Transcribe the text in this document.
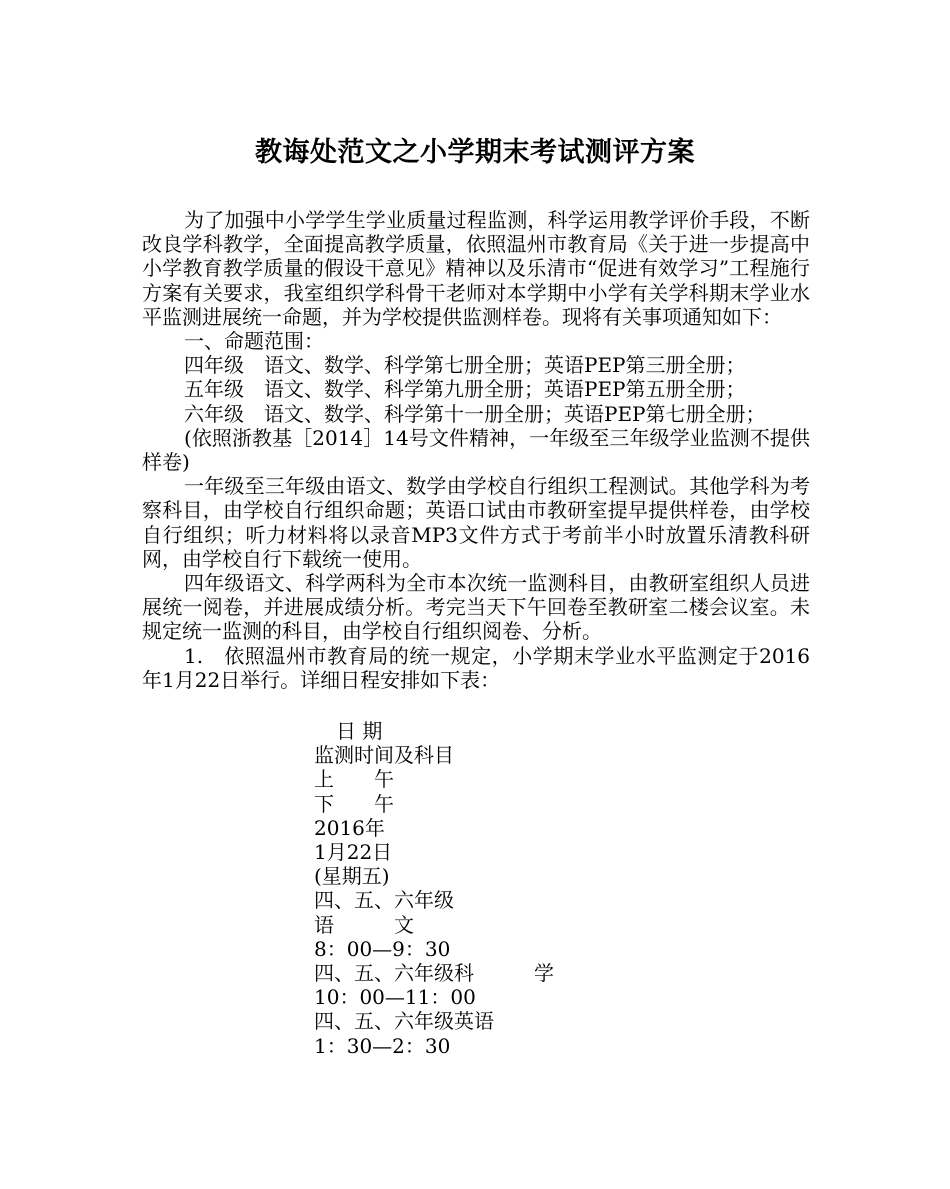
教诲处范文之小学期末考试测评方案

为了加强中小学学生学业质量过程监测，科学运用教学评价手段，不断改良学科教学，全面提高教学质量，依照温州市教育局《关于进一步提高中小学教育教学质量的假设干意见》精神以及乐清市“促进有效学习”工程施行方案有关要求，我室组织学科骨干老师对本学期中小学有关学科期末学业水平监测进展统一命题，并为学校提供监测样卷。现将有关事项通知如下：

一、命题范围：

四年级　语文、数学、科学第七册全册；英语PEP第三册全册；

五年级　语文、数学、科学第九册全册；英语PEP第五册全册；

六年级　语文、数学、科学第十一册全册；英语PEP第七册全册；

(依照浙教基［2014］14号文件精神，一年级至三年级学业监测不提供样卷)

一年级至三年级由语文、数学由学校自行组织工程测试。其他学科为考察科目，由学校自行组织命题；英语口试由市教研室提早提供样卷，由学校自行组织；听力材料将以录音MP3文件方式于考前半小时放置乐清教科研网，由学校自行下载统一使用。

四年级语文、科学两科为全市本次统一监测科目，由教研室组织人员进展统一阅卷，并进展成绩分析。考完当天下午回卷至教研室二楼会议室。未规定统一监测的科目，由学校自行组织阅卷、分析。

1.　依照温州市教育局的统一规定，小学期末学业水平监测定于2016年1月22日举行。详细日程安排如下表：

日 期
监测时间及科目
上　　午
下　　午
2016年
1月22日
(星期五)
四、五、六年级
语　　　文
8：00—9：30
四、五、六年级科　　　学
10：00—11：00
四、五、六年级英语
1：30—2：30
